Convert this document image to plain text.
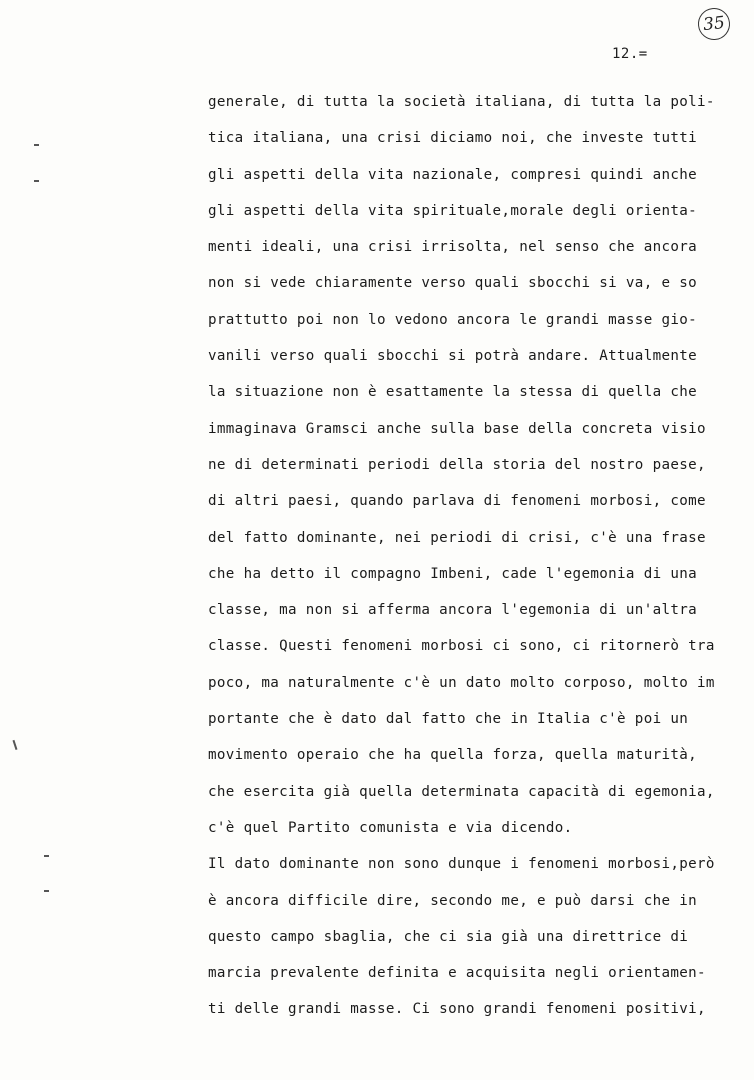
35
12.=
generale, di tutta la società italiana, di tutta la poli-
tica italiana, una crisi diciamo noi, che investe tutti
gli aspetti della vita nazionale, compresi quindi anche
gli aspetti della vita spirituale,morale degli orienta-
menti ideali, una crisi irrisolta, nel senso che ancora
non si vede chiaramente verso quali sbocchi si va, e so
prattutto poi non lo vedono ancora le grandi masse gio-
vanili verso quali sbocchi si potrà andare. Attualmente
la situazione non è esattamente la stessa di quella che
immaginava Gramsci anche sulla base della concreta visio
ne di determinati periodi della storia del nostro paese,
di altri paesi, quando parlava di fenomeni morbosi, come
del fatto dominante, nei periodi di crisi, c'è una frase
che ha detto il compagno Imbeni, cade l'egemonia di una
classe, ma non si afferma ancora l'egemonia di un'altra
classe. Questi fenomeni morbosi ci sono, ci ritornerò tra
poco, ma naturalmente c'è un dato molto corposo, molto im
portante che è dato dal fatto che in Italia c'è poi un
movimento operaio che ha quella forza, quella maturità,
che esercita già quella determinata capacità di egemonia,
c'è quel Partito comunista e via dicendo.
Il dato dominante non sono dunque i fenomeni morbosi,però
è ancora difficile dire, secondo me, e può darsi che in
questo campo sbaglia, che ci sia già una direttrice di
marcia prevalente definita e acquisita negli orientamen-
ti delle grandi masse. Ci sono grandi fenomeni positivi,
